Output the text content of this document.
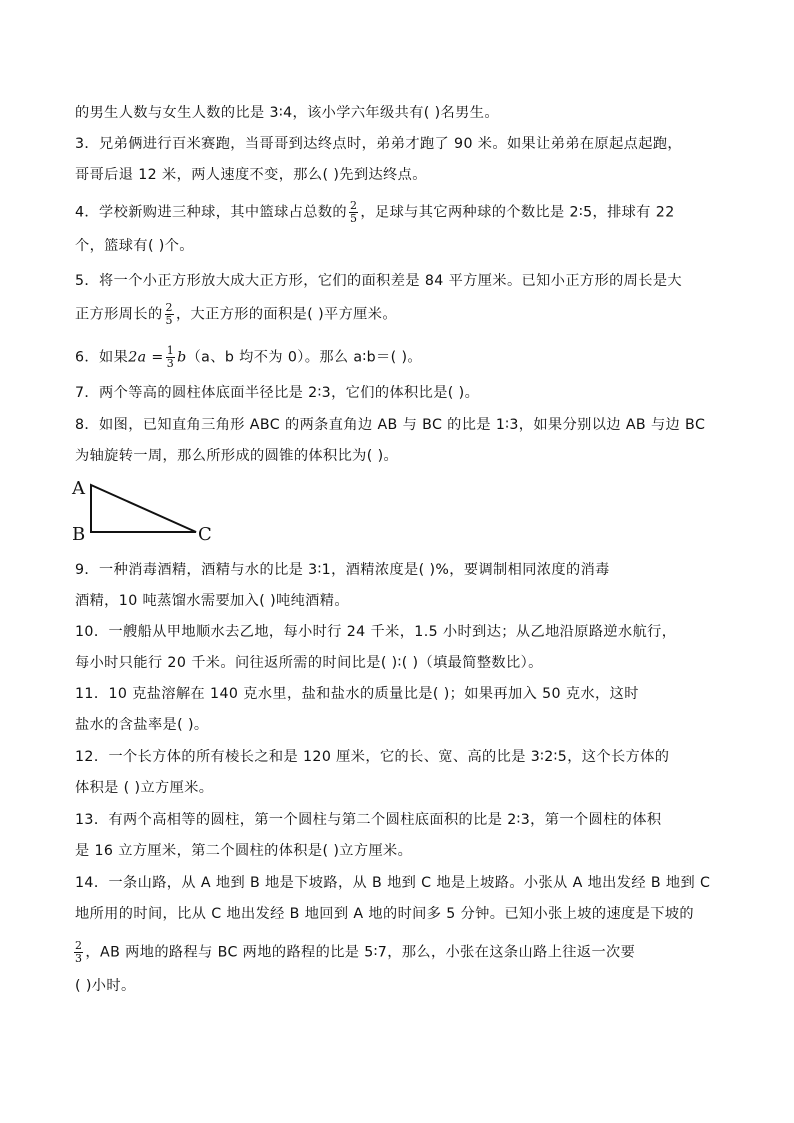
的男生人数与女生人数的比是 3∶4，该小学六年级共有( )名男生。
3．兄弟俩进行百米赛跑，当哥哥到达终点时，弟弟才跑了 90 米。如果让弟弟在原起点起跑，
哥哥后退 12 米，两人速度不变，那么( )先到达终点。
4．学校新购进三种球，其中篮球占总数的 $\frac{2}{5}$ ，足球与其它两种球的个数比是 2∶5，排球有 22
个，篮球有( )个。
5．将一个小正方形放大成大正方形，它们的面积差是 84 平方厘米。已知小正方形的周长是大
正方形周长的 $\frac{2}{5}$ ，大正方形的面积是( )平方厘米。
6．如果$2a = \frac{1}{3} b(a$、b 均不为 0）。那么 a∶b＝( )。
7．两个等高的圆柱体底面半径比是 2∶3，它们的体积比是( )。
8．如图，已知直角三角形 ABC 的两条直角边 AB 与 BC 的比是 1∶3，如果分别以边 AB 与边 BC
为轴旋转一周，那么所形成的圆锥的体积比为( )。
A
B	C
9．一种消毒酒精，酒精与水的比是 3∶1，酒精浓度是( )%，要调制相同浓度的消毒
酒精，10 吨蒸馏水需要加入( )吨纯酒精。
10．一艘船从甲地顺水去乙地，每小时行 24 千米，1.5 小时到达；从乙地沿原路逆水航行，
每小时只能行 20 千米。问往返所需的时间比是( )∶( )（填最简整数比）。
11．10 克盐溶解在 140 克水里，盐和盐水的质量比是( )；如果再加入 50 克水，这时
盐水的含盐率是( )。
12．一个长方体的所有棱长之和是 120 厘米，它的长、宽、高的比是 3∶2∶5，这个长方体的
体积是 ( )立方厘米。
13．有两个高相等的圆柱，第一个圆柱与第二个圆柱底面积的比是 2∶3，第一个圆柱的体积
是 16 立方厘米，第二个圆柱的体积是( )立方厘米。
14．一条山路，从 A 地到 B 地是下坡路，从 B 地到 C 地是上坡路。小张从 A 地出发经 B 地到 C
地所用的时间，比从 C 地出发经 B 地回到 A 地的时间多 5 分钟。已知小张上坡的速度是下坡的
$\frac{2}{3}$ ，AB 两地的路程与 BC 两地的路程的比是 5∶7，那么，小张在这条山路上往返一次要
( )小时。
